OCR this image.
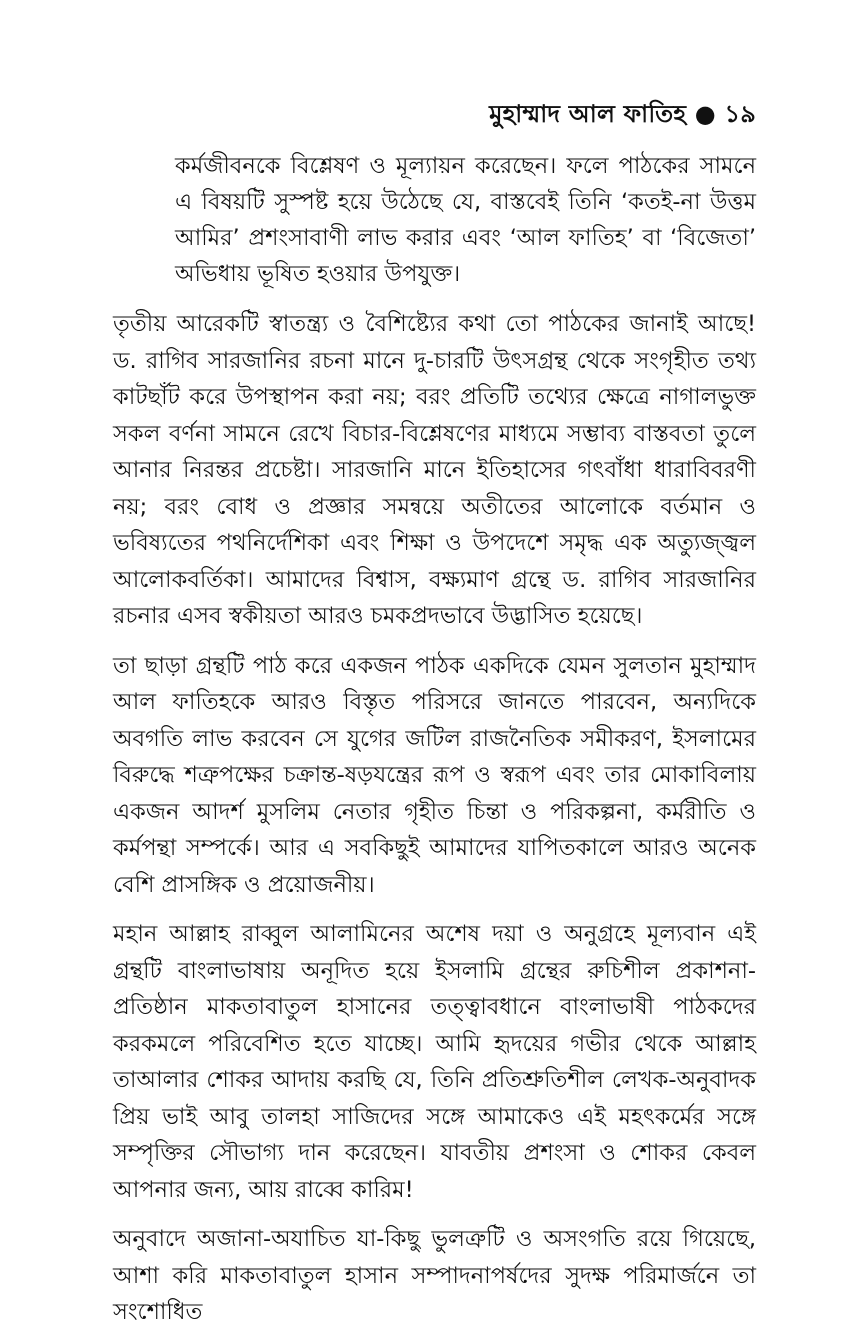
মুহাম্মাদ আল ফাতিহ ● ১৯
কর্মজীবনকে বিশ্লেষণ ও মূল্যায়ন করেছেন। ফলে পাঠকের সামনে এ বিষয়টি সুস্পষ্ট হয়ে উঠেছে যে, বাস্তবেই তিনি ‘কতই-না উত্তম আমির’ প্রশংসাবাণী লাভ করার এবং ‘আল ফাতিহ’ বা ‘বিজেতা’ অভিধায় ভূষিত হওয়ার উপযুক্ত।

তৃতীয় আরেকটি স্বাতন্ত্র্য ও বৈশিষ্ট্যের কথা তো পাঠকের জানাই আছে! ড. রাগিব সারজানির রচনা মানে দু-চারটি উৎসগ্রন্থ থেকে সংগৃহীত তথ্য কাটছাঁট করে উপস্থাপন করা নয়; বরং প্রতিটি তথ্যের ক্ষেত্রে নাগালভুক্ত সকল বর্ণনা সামনে রেখে বিচার-বিশ্লেষণের মাধ্যমে সম্ভাব্য বাস্তবতা তুলে আনার নিরন্তর প্রচেষ্টা। সারজানি মানে ইতিহাসের গৎবাঁধা ধারাবিবরণী নয়; বরং বোধ ও প্রজ্ঞার সমন্বয়ে অতীতের আলোকে বর্তমান ও ভবিষ্যতের পথনির্দেশিকা এবং শিক্ষা ও উপদেশে সমৃদ্ধ এক অত্যুজ্জ্বল আলোকবর্তিকা। আমাদের বিশ্বাস, বক্ষ্যমাণ গ্রন্থে ড. রাগিব সারজানির রচনার এসব স্বকীয়তা আরও চমকপ্রদভাবে উদ্ভাসিত হয়েছে।

তা ছাড়া গ্রন্থটি পাঠ করে একজন পাঠক একদিকে যেমন সুলতান মুহাম্মাদ আল ফাতিহকে আরও বিস্তৃত পরিসরে জানতে পারবেন, অন্যদিকে অবগতি লাভ করবেন সে যুগের জটিল রাজনৈতিক সমীকরণ, ইসলামের বিরুদ্ধে শত্রুপক্ষের চক্রান্ত-ষড়যন্ত্রের রূপ ও স্বরূপ এবং তার মোকাবিলায় একজন আদর্শ মুসলিম নেতার গৃহীত চিন্তা ও পরিকল্পনা, কর্মরীতি ও কর্মপন্থা সম্পর্কে। আর এ সবকিছুই আমাদের যাপিতকালে আরও অনেক বেশি প্রাসঙ্গিক ও প্রয়োজনীয়।

মহান আল্লাহ রাব্বুল আলামিনের অশেষ দয়া ও অনুগ্রহে মূল্যবান এই গ্রন্থটি বাংলাভাষায় অনূদিত হয়ে ইসলামি গ্রন্থের রুচিশীল প্রকাশনা-প্রতিষ্ঠান মাকতাবাতুল হাসানের তত্ত্বাবধানে বাংলাভাষী পাঠকদের করকমলে পরিবেশিত হতে যাচ্ছে। আমি হৃদয়ের গভীর থেকে আল্লাহ তাআলার শোকর আদায় করছি যে, তিনি প্রতিশ্রুতিশীল লেখক-অনুবাদক প্রিয় ভাই আবু তালহা সাজিদের সঙ্গে আমাকেও এই মহৎকর্মের সঙ্গে সম্পৃক্তির সৌভাগ্য দান করেছেন। যাবতীয় প্রশংসা ও শোকর কেবল আপনার জন্য, আয় রাব্বে কারিম!

অনুবাদে অজানা-অযাচিত যা-কিছু ভুলত্রুটি ও অসংগতি রয়ে গিয়েছে, আশা করি মাকতাবাতুল হাসান সম্পাদনাপর্ষদের সুদক্ষ পরিমার্জনে তা সংশোধিত
